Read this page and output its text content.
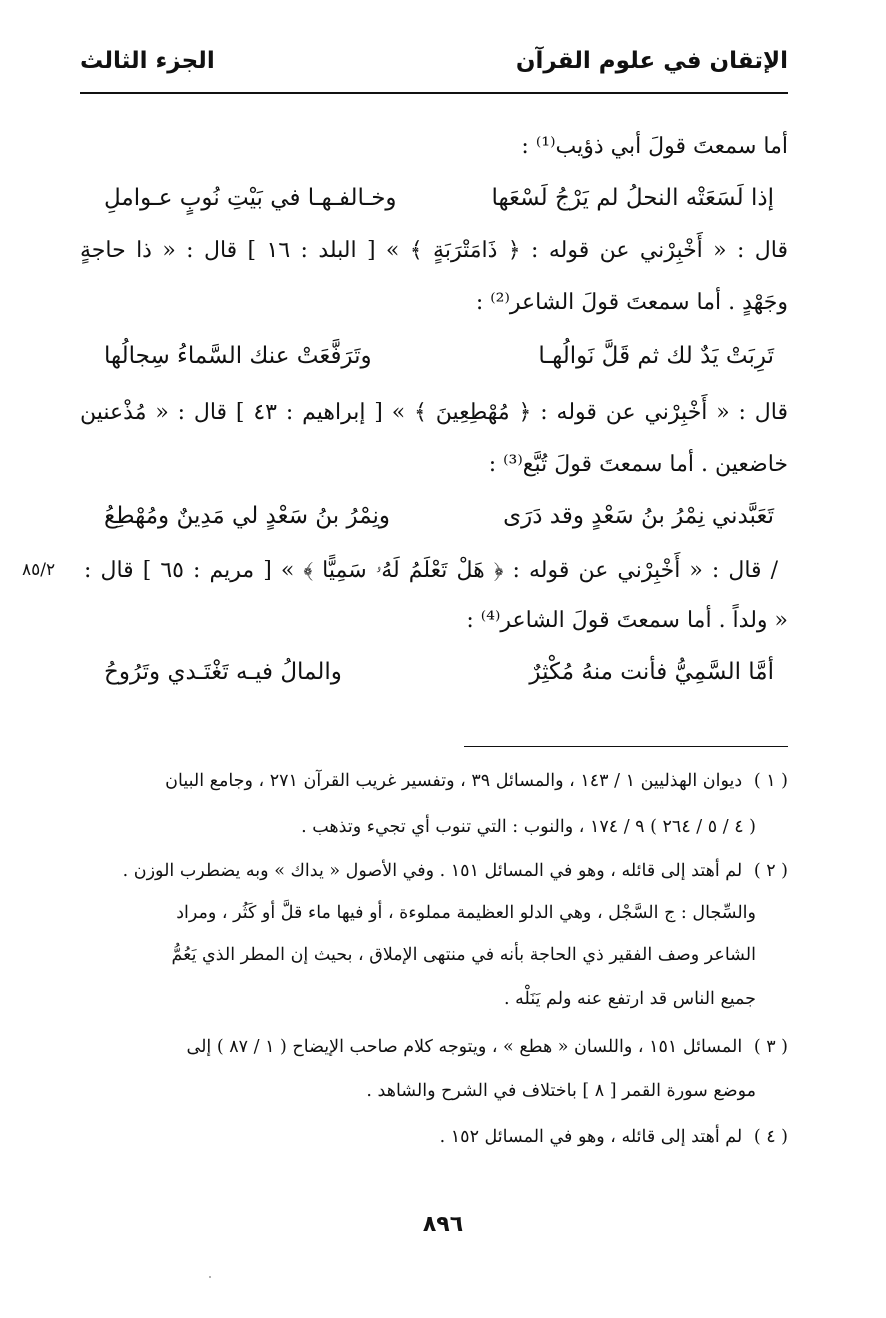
الإتقان في علوم القرآن
الجزء الثالث
أما سمعتَ قولَ أبي ذؤيب⁽¹⁾ :
إذا لَسَعَتْه النحلُ لم يَرْجُ لَسْعَها
وخـالفـهـا في بَيْتِ نُوبٍ عـواملِ
قال : « أَخْبِرْني عن قوله : ﴿ ذَامَتْرَبَةٍ ﴾ » [ البلد : ١٦ ] قال : « ذا حاجةٍ
وجَهْدٍ . أما سمعتَ قولَ الشاعر⁽²⁾ :
تَرِبَتْ يَدٌ لك ثم قَلَّ نَوالُهـا
وتَرَفَّعَتْ عنك السَّماءُ سِجالُها
قال : « أَخْبِرْني عن قوله : ﴿ مُهْطِعِينَ ﴾ » [ إبراهيم : ٤٣ ] قال : « مُذْعنين
خاضعين . أما سمعتَ قولَ تُبَّع⁽³⁾ :
تَعَبَّدني نِمْرُ بنُ سَعْدٍ وقد دَرَى
ونِمْرُ بنُ سَعْدٍ لي مَدِينٌ ومُهْطِعُ
/ قال : « أَخْبِرْني عن قوله : ﴿ هَلْ تَعْلَمُ لَهُۥ سَمِيًّا ﴾ » [ مريم : ٦٥ ] قال :
٨٥/٢
« ولداً . أما سمعتَ قولَ الشاعر⁽⁴⁾ :
أمَّا السَّمِيُّ فأنت منهُ مُكْثِرٌ
والمالُ فيـه تَغْتَـدي وتَرُوحُ
( ١ ) ديوان الهذليين ١ / ١٤٣ ، والمسائل ٣٩ ، وتفسير غريب القرآن ٢٧١ ، وجامع البيان
( ٤ / ٥ / ٢٦٤ ) ٩ / ١٧٤ ، والنوب : التي تنوب أي تجيء وتذهب .
( ٢ ) لم أهتد إلى قائله ، وهو في المسائل ١٥١ . وفي الأصول « يداك » وبه يضطرب الوزن .
والسِّجال : ج السَّجْل ، وهي الدلو العظيمة مملوءة ، أو فيها ماء قلَّ أو كَثُر ، ومراد
الشاعر وصف الفقير ذي الحاجة بأنه في منتهى الإملاق ، بحيث إن المطر الذي يَعُمُّ
جميع الناس قد ارتفع عنه ولم يَنَلْه .
( ٣ ) المسائل ١٥١ ، واللسان « هطع » ، ويتوجه كلام صاحب الإيضاح ( ١ / ٨٧ ) إلى
موضع سورة القمر [ ٨ ] باختلاف في الشرح والشاهد .
( ٤ ) لم أهتد إلى قائله ، وهو في المسائل ١٥٢ .
٨٩٦
